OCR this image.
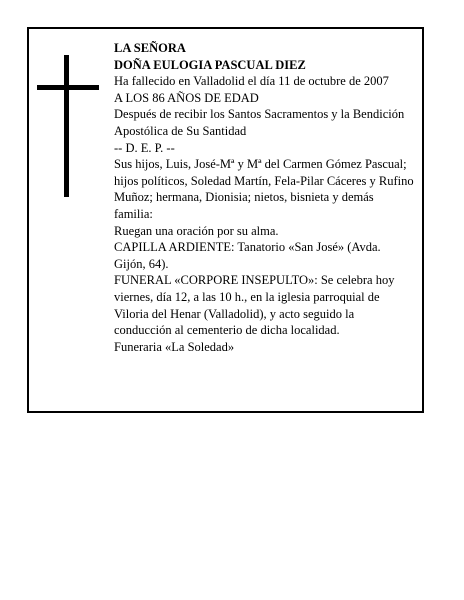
LA SEÑORA
DOÑA EULOGIA PASCUAL DIEZ
Ha fallecido en Valladolid el día 11 de octubre de 2007
A LOS 86 AÑOS DE EDAD
Después de recibir los Santos Sacramentos y la Bendición Apostólica de Su Santidad
-- D. E. P. --
Sus hijos, Luis, José-Mª y Mª del Carmen Gómez Pascual; hijos políticos, Soledad Martín, Fela-Pilar Cáceres y Rufino Muñoz; hermana, Dionisia; nietos, bisnieta y demás familia:
Ruegan una oración por su alma.
CAPILLA ARDIENTE: Tanatorio «San José» (Avda. Gijón, 64).
FUNERAL «CORPORE INSEPULTO»: Se celebra hoy viernes, día 12, a las 10 h., en la iglesia parroquial de Viloria del Henar (Valladolid), y acto seguido la conducción al cementerio de dicha localidad.
Funeraria «La Soledad»
